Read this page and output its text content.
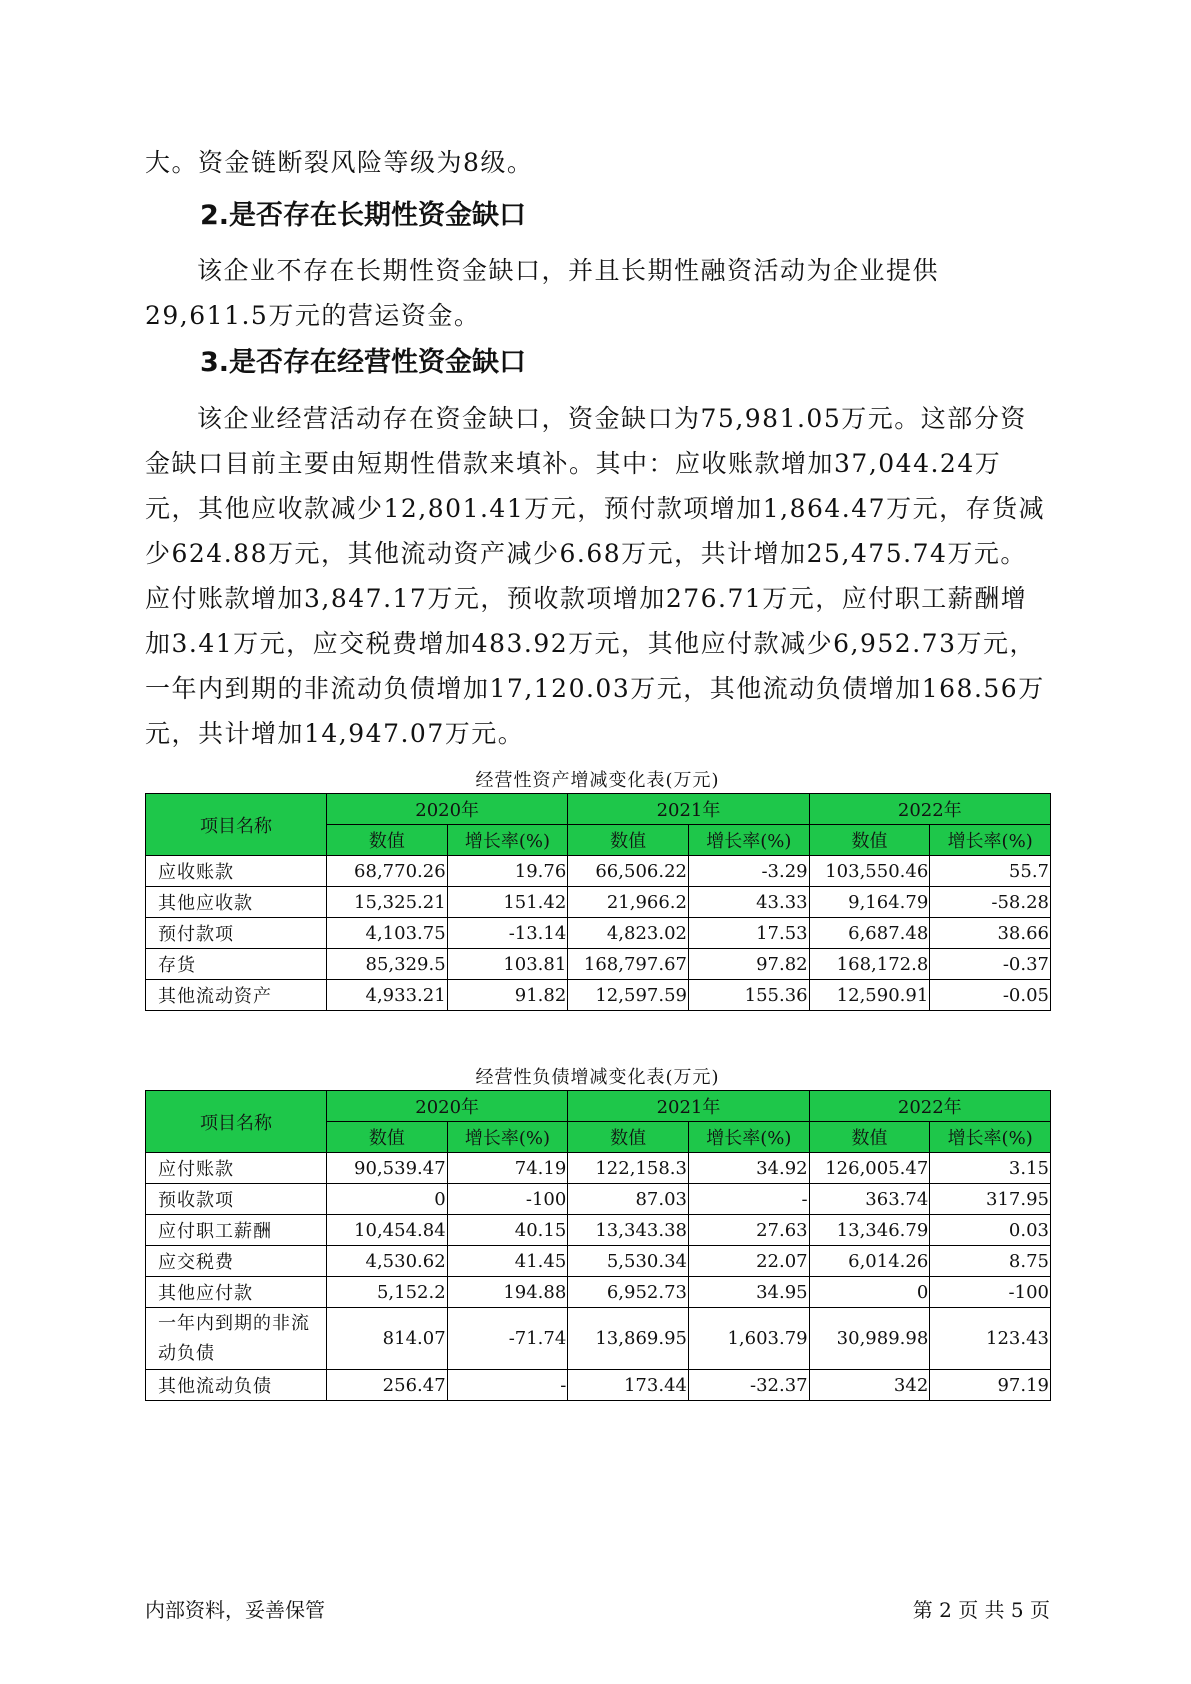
大。资金链断裂风险等级为8级。

2.是否存在长期性资金缺口

该企业不存在长期性资金缺口，并且长期性融资活动为企业提供29,611.5万元的营运资金。

3.是否存在经营性资金缺口

该企业经营活动存在资金缺口，资金缺口为75,981.05万元。这部分资金缺口目前主要由短期性借款来填补。其中：应收账款增加37,044.24万元，其他应收款减少12,801.41万元，预付款项增加1,864.47万元，存货减少624.88万元，其他流动资产减少6.68万元，共计增加25,475.74万元。应付账款增加3,847.17万元，预收款项增加276.71万元，应付职工薪酬增加3.41万元，应交税费增加483.92万元，其他应付款减少6,952.73万元，一年内到期的非流动负债增加17,120.03万元，其他流动负债增加168.56万元，共计增加14,947.07万元。

经营性资产增减变化表(万元)
项目名称	2020年		2021年		2022年	
	数值	增长率(%)	数值	增长率(%)	数值	增长率(%)
应收账款	68,770.26	19.76	66,506.22	-3.29	103,550.46	55.7
其他应收款	15,325.21	151.42	21,966.2	43.33	9,164.79	-58.28
预付款项	4,103.75	-13.14	4,823.02	17.53	6,687.48	38.66
存货	85,329.5	103.81	168,797.67	97.82	168,172.8	-0.37
其他流动资产	4,933.21	91.82	12,597.59	155.36	12,590.91	-0.05
经营性负债增减变化表(万元)
项目名称	2020年		2021年		2022年	
	数值	增长率(%)	数值	增长率(%)	数值	增长率(%)
应付账款	90,539.47	74.19	122,158.3	34.92	126,005.47	3.15
预收款项	0	-100	87.03	-	363.74	317.95
应付职工薪酬	10,454.84	40.15	13,343.38	27.63	13,346.79	0.03
应交税费	4,530.62	41.45	5,530.34	22.07	6,014.26	8.75
其他应付款	5,152.2	194.88	6,952.73	34.95	0	-100
一年内到期的非流动负债	814.07	-71.74	13,869.95	1,603.79	30,989.98	123.43
其他流动负债	256.47	-	173.44	-32.37	342	97.19
内部资料，妥善保管	第 2 页 共 5 页
